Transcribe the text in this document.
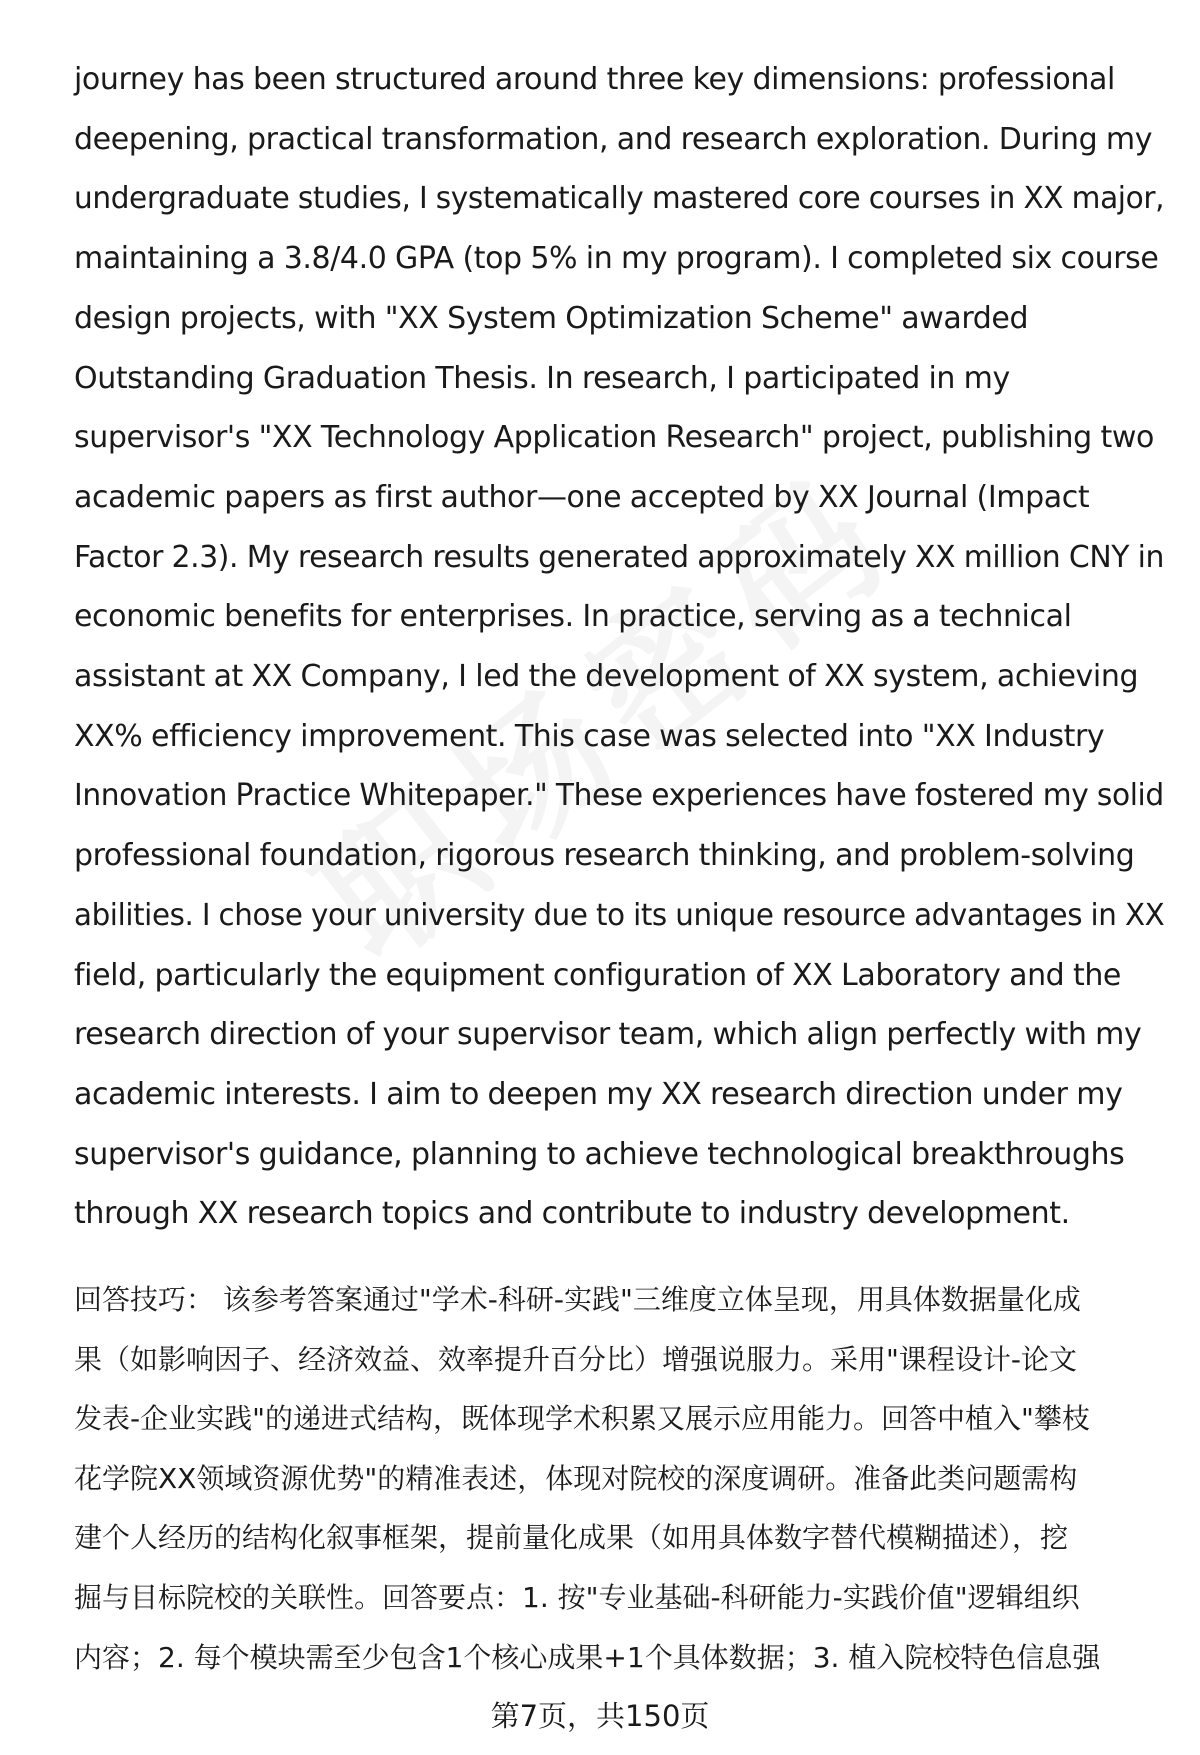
journey has been structured around three key dimensions: professional
deepening, practical transformation, and research exploration. During my
undergraduate studies, I systematically mastered core courses in XX major,
maintaining a 3.8/4.0 GPA (top 5% in my program). I completed six course
design projects, with "XX System Optimization Scheme" awarded
Outstanding Graduation Thesis. In research, I participated in my
supervisor's "XX Technology Application Research" project, publishing two
academic papers as first author—one accepted by XX Journal (Impact
Factor 2.3). My research results generated approximately XX million CNY in
economic benefits for enterprises. In practice, serving as a technical
assistant at XX Company, I led the development of XX system, achieving
XX% efficiency improvement. This case was selected into "XX Industry
Innovation Practice Whitepaper." These experiences have fostered my solid
professional foundation, rigorous research thinking, and problem-solving
abilities. I chose your university due to its unique resource advantages in XX
field, particularly the equipment configuration of XX Laboratory and the
research direction of your supervisor team, which align perfectly with my
academic interests. I aim to deepen my XX research direction under my
supervisor's guidance, planning to achieve technological breakthroughs
through XX research topics and contribute to industry development.

回答技巧： 该参考答案通过"学术-科研-实践"三维度立体呈现，用具体数据量化成
果（如影响因子、经济效益、效率提升百分比）增强说服力。采用"课程设计-论文
发表-企业实践"的递进式结构，既体现学术积累又展示应用能力。回答中植入"攀枝
花学院XX领域资源优势"的精准表述，体现对院校的深度调研。准备此类问题需构
建个人经历的结构化叙事框架，提前量化成果（如用具体数字替代模糊描述），挖
掘与目标院校的关联性。回答要点：1. 按"专业基础-科研能力-实践价值"逻辑组织
内容；2. 每个模块需至少包含1个核心成果+1个具体数据；3. 植入院校特色信息强

第7页，共150页
